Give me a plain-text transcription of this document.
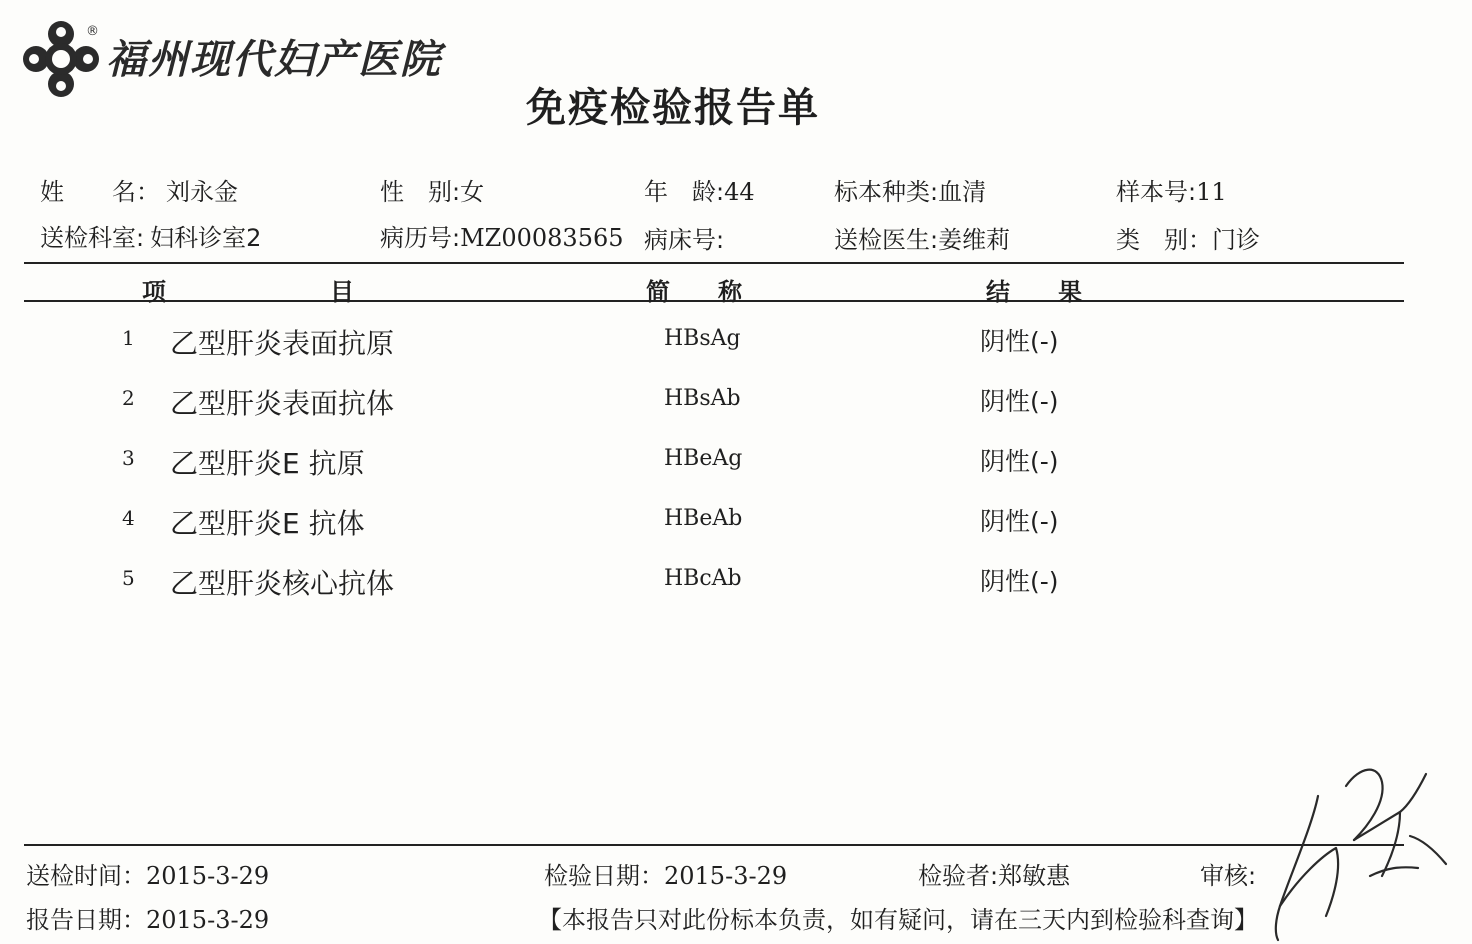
®
福州现代妇产医院
免疫检验报告单
姓　　名： 刘永金	性　别:女	年　龄:44	标本种类:血清	样本号:11
送检科室: 妇科诊室2	病历号:MZ00083565 病床号:	送检医生:姜维莉	类　别：门诊
项	目	简 称	结 果
1 乙型肝炎表面抗原	HBsAg	阴性(-)
2 乙型肝炎表面抗体	HBsAb	阴性(-)
3 乙型肝炎E 抗原	HBeAg	阴性(-)
4 乙型肝炎E 抗体	HBeAb	阴性(-)
5 乙型肝炎核心抗体	HBcAb	阴性(-)
送检时间：2015-3-29	检验日期：2015-3-29	检验者:郑敏惠	审核:
报告日期：2015-3-29	【本报告只对此份标本负责，如有疑问，请在三天内到检验科查询】
